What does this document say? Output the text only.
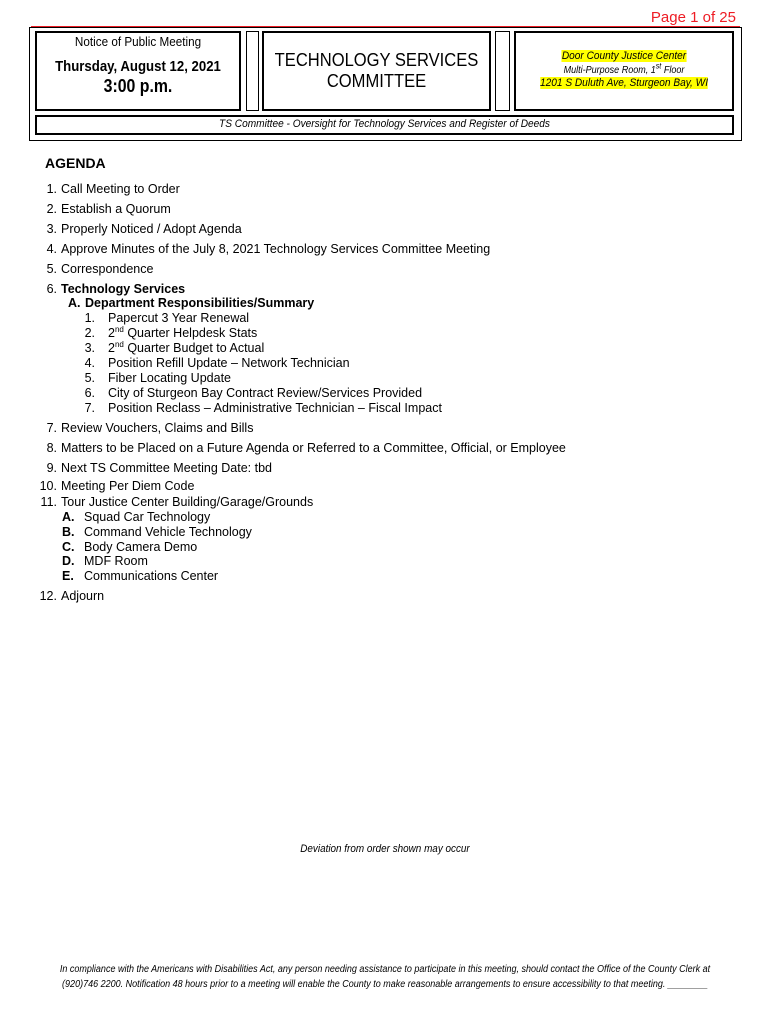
Page 1 of 25
Notice of Public Meeting
Thursday, August 12, 2021
3:00 p.m.
TECHNOLOGY SERVICES
COMMITTEE
Door County Justice Center
Multi-Purpose Room, 1st Floor
1201 S Duluth Ave, Sturgeon Bay, WI
TS Committee - Oversight for Technology Services and Register of Deeds
AGENDA
1. Call Meeting to Order
2. Establish a Quorum
3. Properly Noticed / Adopt Agenda
4. Approve Minutes of the July 8, 2021 Technology Services Committee Meeting
5. Correspondence
6. Technology Services
A. Department Responsibilities/Summary
1. Papercut 3 Year Renewal
2. 2nd Quarter Helpdesk Stats
3. 2nd Quarter Budget to Actual
4. Position Refill Update – Network Technician
5. Fiber Locating Update
6. City of Sturgeon Bay Contract Review/Services Provided
7. Position Reclass – Administrative Technician – Fiscal Impact
7. Review Vouchers, Claims and Bills
8. Matters to be Placed on a Future Agenda or Referred to a Committee, Official, or Employee
9. Next TS Committee Meeting Date: tbd
10. Meeting Per Diem Code
11. Tour Justice Center Building/Garage/Grounds
A. Squad Car Technology
B. Command Vehicle Technology
C. Body Camera Demo
D. MDF Room
E. Communications Center
12. Adjourn
Deviation from order shown may occur
In compliance with the Americans with Disabilities Act, any person needing assistance to participate in this meeting, should contact the Office of the County Clerk at
(920)746 2200. Notification 48 hours prior to a meeting will enable the County to make reasonable arrangements to ensure accessibility to that meeting. ________
